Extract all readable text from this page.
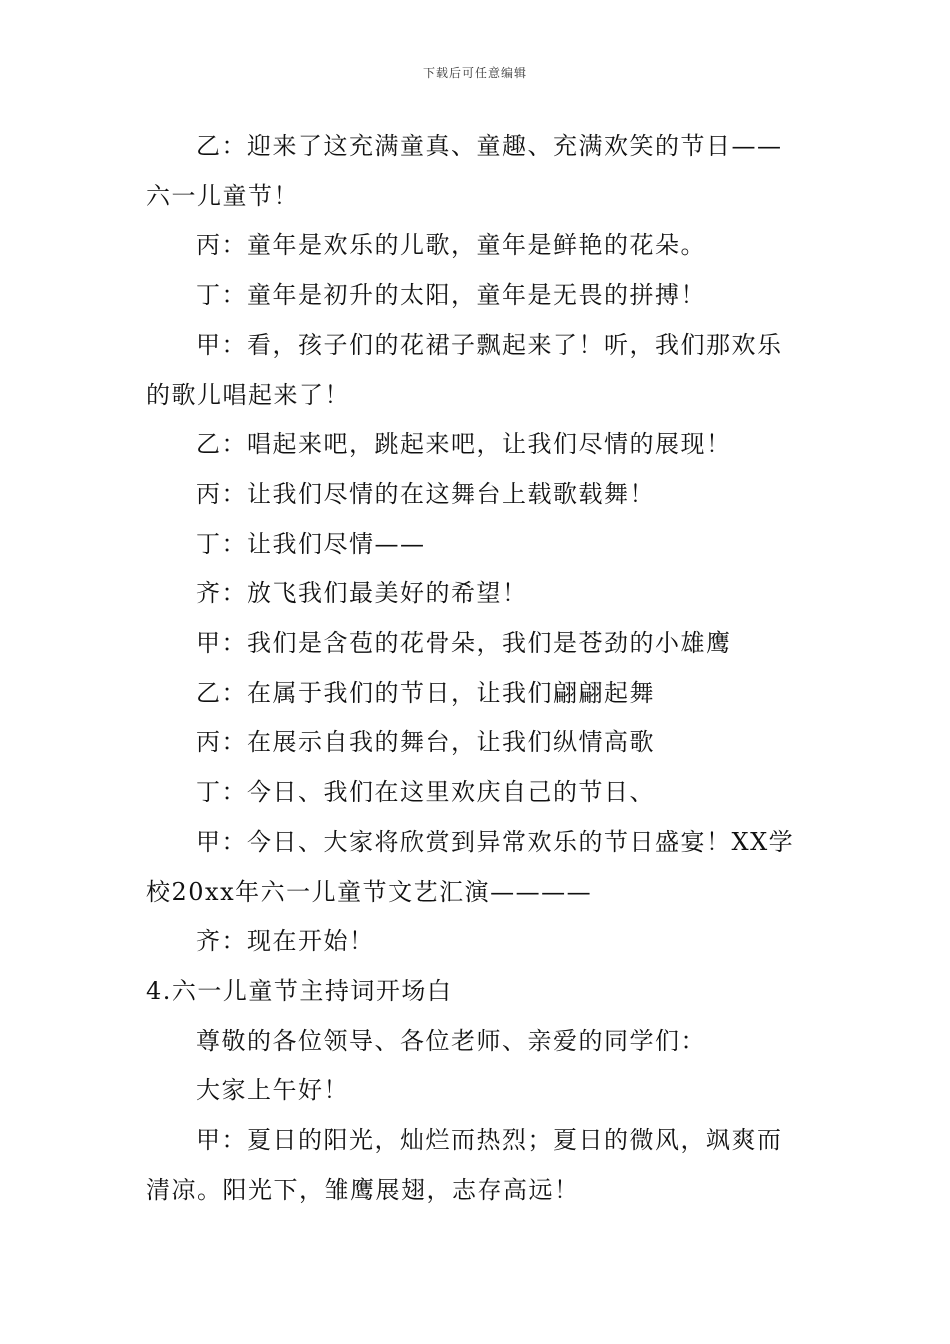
下载后可任意编辑

乙：迎来了这充满童真、童趣、充满欢笑的节日——

六一儿童节！

丙：童年是欢乐的儿歌，童年是鲜艳的花朵。

丁：童年是初升的太阳，童年是无畏的拼搏！

甲：看，孩子们的花裙子飘起来了！听，我们那欢乐

的歌儿唱起来了！

乙：唱起来吧，跳起来吧，让我们尽情的展现！

丙：让我们尽情的在这舞台上载歌载舞！

丁：让我们尽情——

齐：放飞我们最美好的希望！

甲：我们是含苞的花骨朵，我们是苍劲的小雄鹰

乙：在属于我们的节日，让我们翩翩起舞

丙：在展示自我的舞台，让我们纵情高歌

丁：今日、我们在这里欢庆自己的节日、

甲：今日、大家将欣赏到异常欢乐的节日盛宴！XX学

校20xx年六一儿童节文艺汇演————

齐：现在开始！

4.六一儿童节主持词开场白

尊敬的各位领导、各位老师、亲爱的同学们：

大家上午好！

甲：夏日的阳光，灿烂而热烈；夏日的微风，飒爽而

清凉。阳光下，雏鹰展翅，志存高远！
